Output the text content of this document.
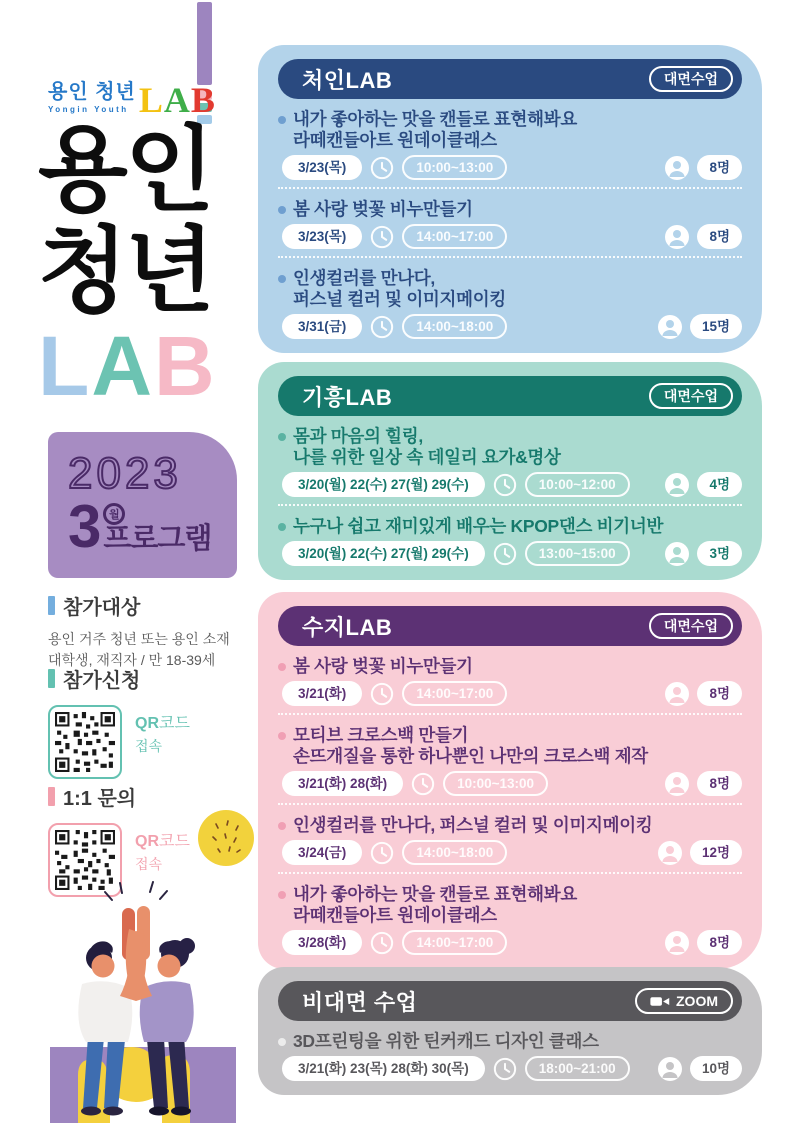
용인 청년
Yongin Youth LAB
용인
청년
LAB
2023
3 월
프로그램
참가대상
용인 거주 청년 또는 용인 소재
대학생, 재직자 / 만 18-39세
참가신청
QR코드
접속
1:1 문의
QR코드
접속
처인LAB	대면수업
내가 좋아하는 맛을 캔들로 표현해봐요
라떼캔들아트 원데이클래스
3/23(목)	10:00~13:00	8명
봄 사랑 벚꽃 비누만들기
3/23(목)	14:00~17:00	8명
인생컬러를 만나다,
퍼스널 컬러 및 이미지메이킹
3/31(금)	14:00~18:00	15명
기흥LAB	대면수업
몸과 마음의 힐링,
나를 위한 일상 속 데일리 요가&명상
3/20(월) 22(수) 27(월) 29(수)	10:00~12:00	4명
누구나 쉽고 재미있게 배우는 KPOP댄스 비기너반
3/20(월) 22(수) 27(월) 29(수)	13:00~15:00	3명
수지LAB	대면수업
봄 사랑 벚꽃 비누만들기
3/21(화)	14:00~17:00	8명
모티브 크로스백 만들기
손뜨개질을 통한 하나뿐인 나만의 크로스백 제작
3/21(화) 28(화)	10:00~13:00	8명
인생컬러를 만나다, 퍼스널 컬러 및 이미지메이킹
3/24(금)	14:00~18:00	12명
내가 좋아하는 맛을 캔들로 표현해봐요
라떼캔들아트 원데이클래스
3/28(화)	14:00~17:00	8명
비대면 수업	ZOOM
3D프린팅을 위한 틴커캐드 디자인 클래스
3/21(화) 23(목) 28(화) 30(목)	18:00~21:00	10명
